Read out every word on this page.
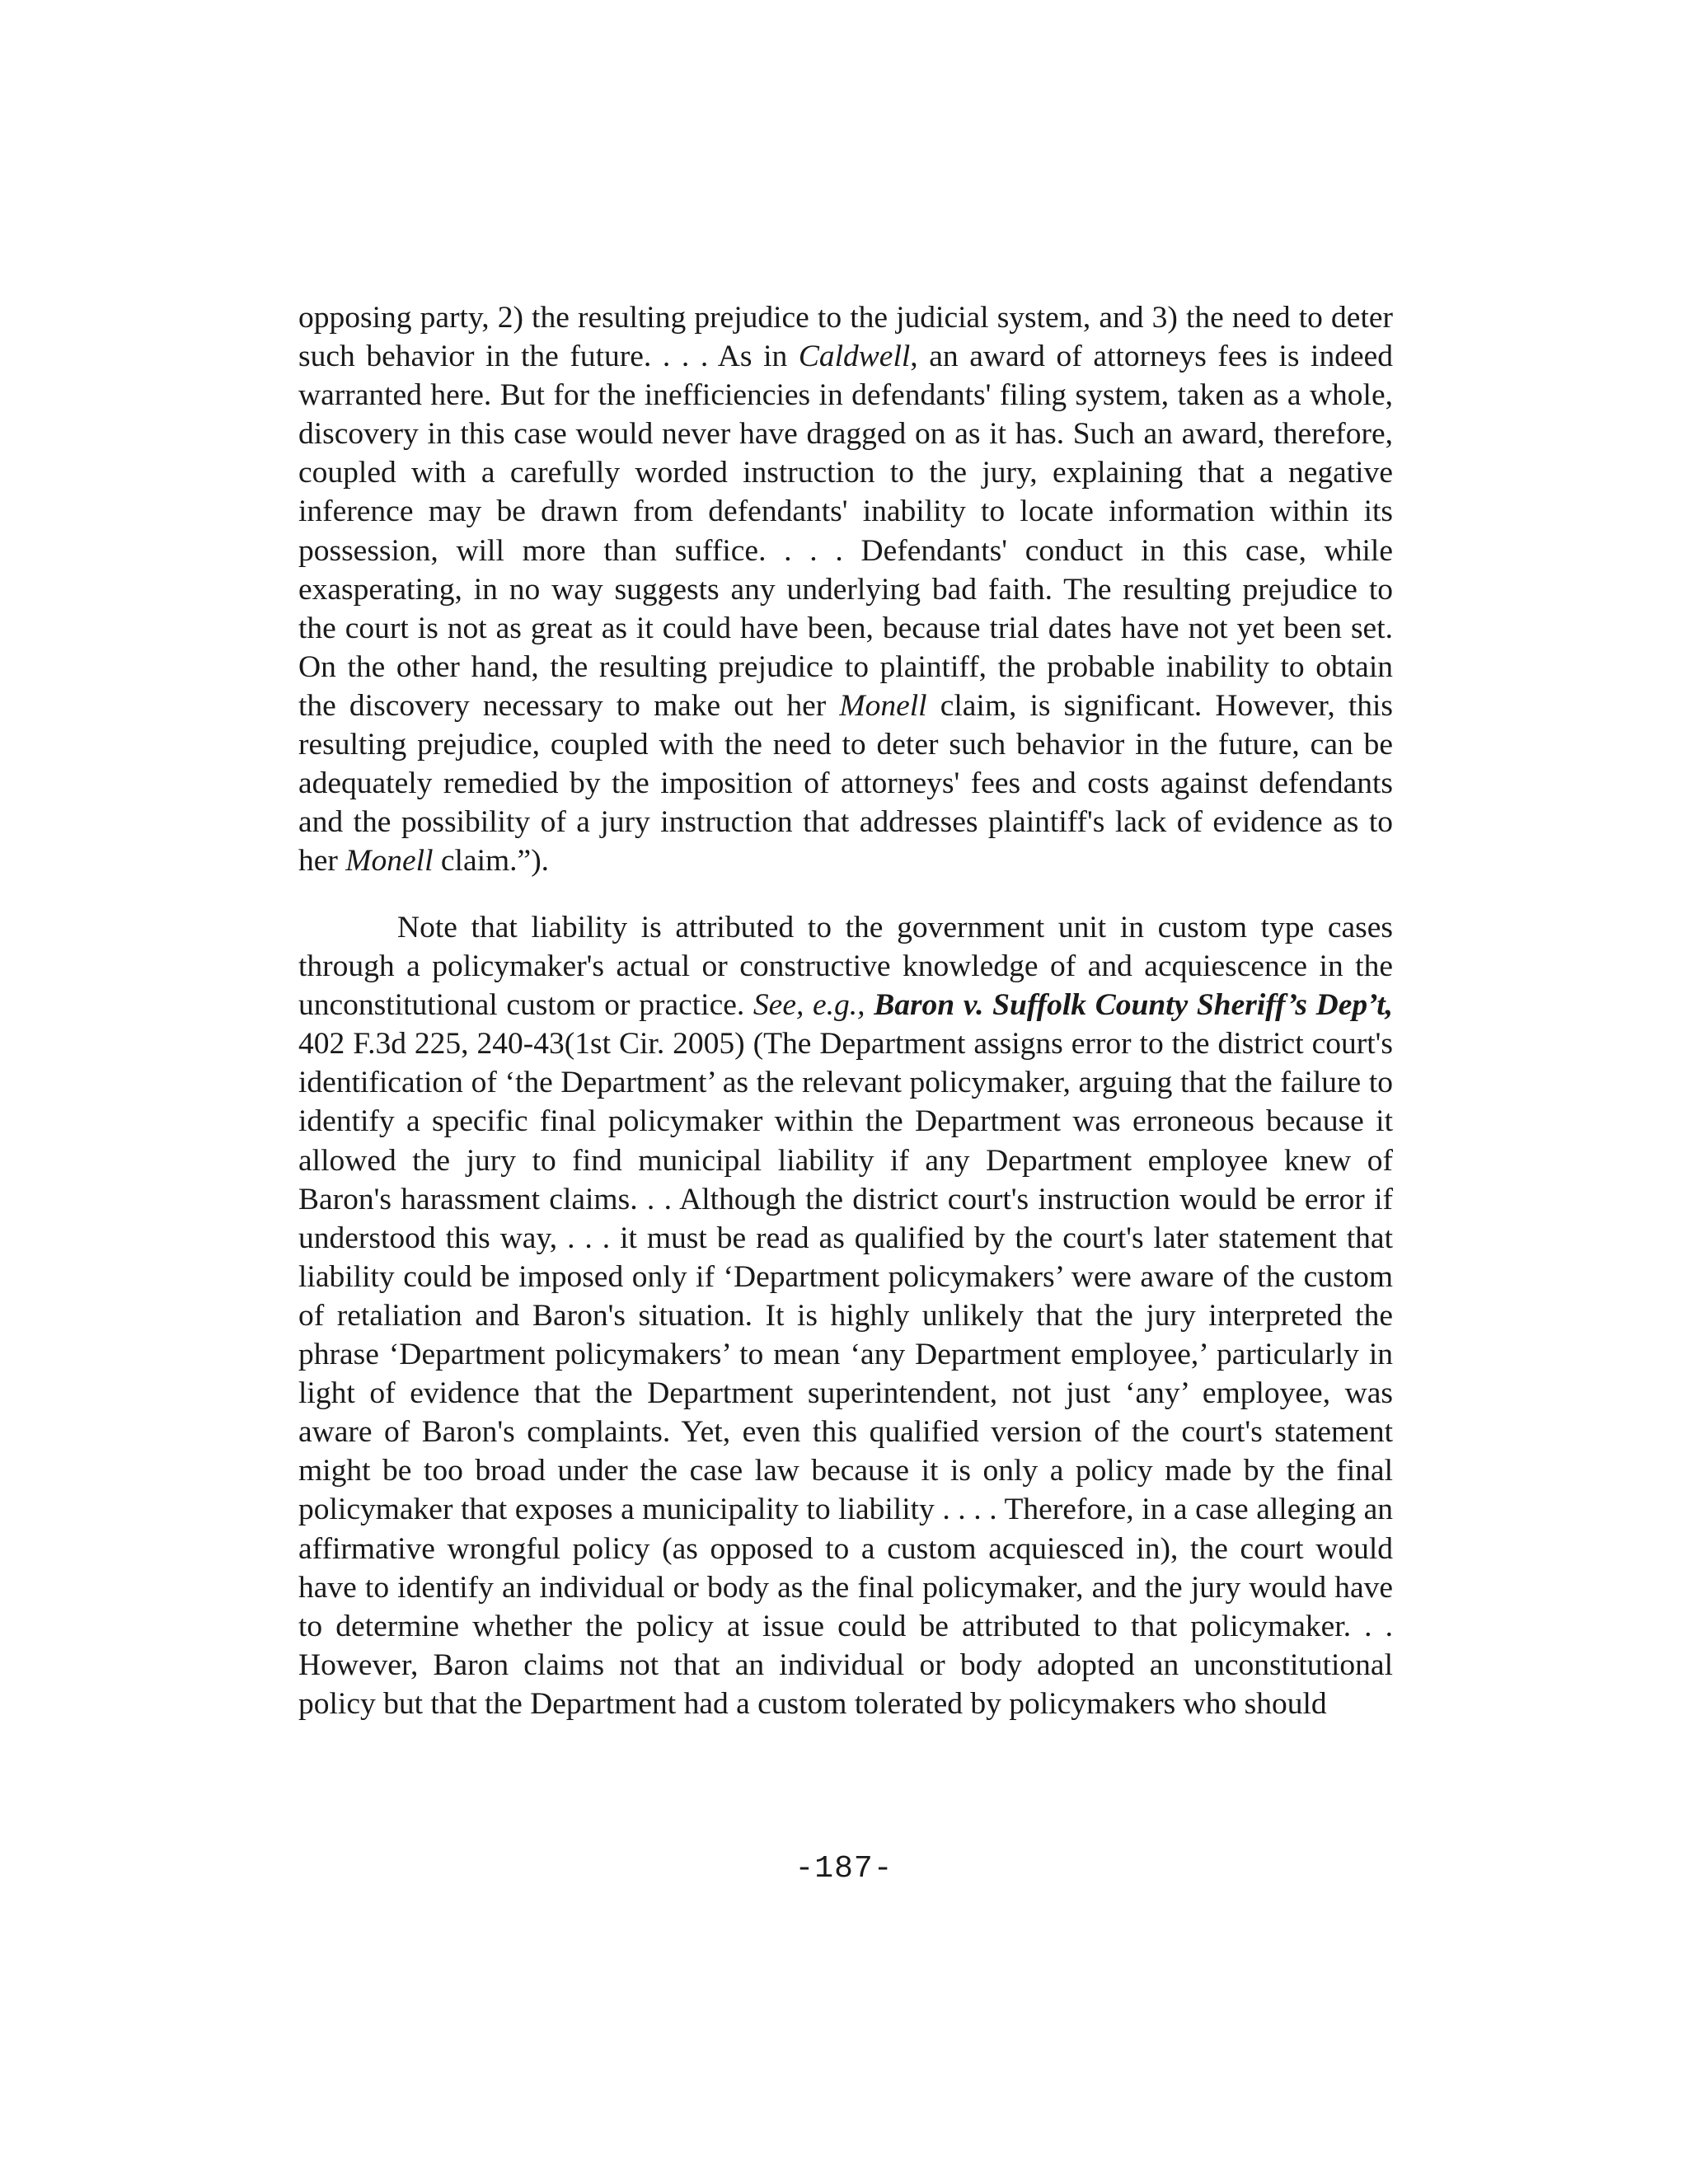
opposing party, 2) the resulting prejudice to the judicial system, and 3) the need to deter such behavior in the future. . . . As in Caldwell, an award of attorneys fees is indeed warranted here. But for the inefficiencies in defendants' filing system, taken as a whole, discovery in this case would never have dragged on as it has. Such an award, therefore, coupled with a carefully worded instruction to the jury, explaining that a negative inference may be drawn from defendants' inability to locate information within its possession, will more than suffice. . . . Defendants' conduct in this case, while exasperating, in no way suggests any underlying bad faith. The resulting prejudice to the court is not as great as it could have been, because trial dates have not yet been set. On the other hand, the resulting prejudice to plaintiff, the probable inability to obtain the discovery necessary to make out her Monell claim, is significant. However, this resulting prejudice, coupled with the need to deter such behavior in the future, can be adequately remedied by the imposition of attorneys' fees and costs against defendants and the possibility of a jury instruction that addresses plaintiff's lack of evidence as to her Monell claim.”).

Note that liability is attributed to the government unit in custom type cases through a policymaker's actual or constructive knowledge of and acquiescence in the unconstitutional custom or practice. See, e.g., Baron v. Suffolk County Sheriff’s Dep’t, 402 F.3d 225, 240-43(1st Cir. 2005) (The Department assigns error to the district court's identification of ‘the Department’ as the relevant policymaker, arguing that the failure to identify a specific final policymaker within the Department was erroneous because it allowed the jury to find municipal liability if any Department employee knew of Baron's harassment claims. . . Although the district court's instruction would be error if understood this way, . . . it must be read as qualified by the court's later statement that liability could be imposed only if ‘Department policymakers’ were aware of the custom of retaliation and Baron's situation. It is highly unlikely that the jury interpreted the phrase ‘Department policymakers’ to mean ‘any Department employee,’ particularly in light of evidence that the Department superintendent, not just ‘any’ employee, was aware of Baron's complaints. Yet, even this qualified version of the court's statement might be too broad under the case law because it is only a policy made by the final policymaker that exposes a municipality to liability . . . . Therefore, in a case alleging an affirmative wrongful policy (as opposed to a custom acquiesced in), the court would have to identify an individual or body as the final policymaker, and the jury would have to determine whether the policy at issue could be attributed to that policymaker. . . However, Baron claims not that an individual or body adopted an unconstitutional policy but that the Department had a custom tolerated by policymakers who should

-187-
